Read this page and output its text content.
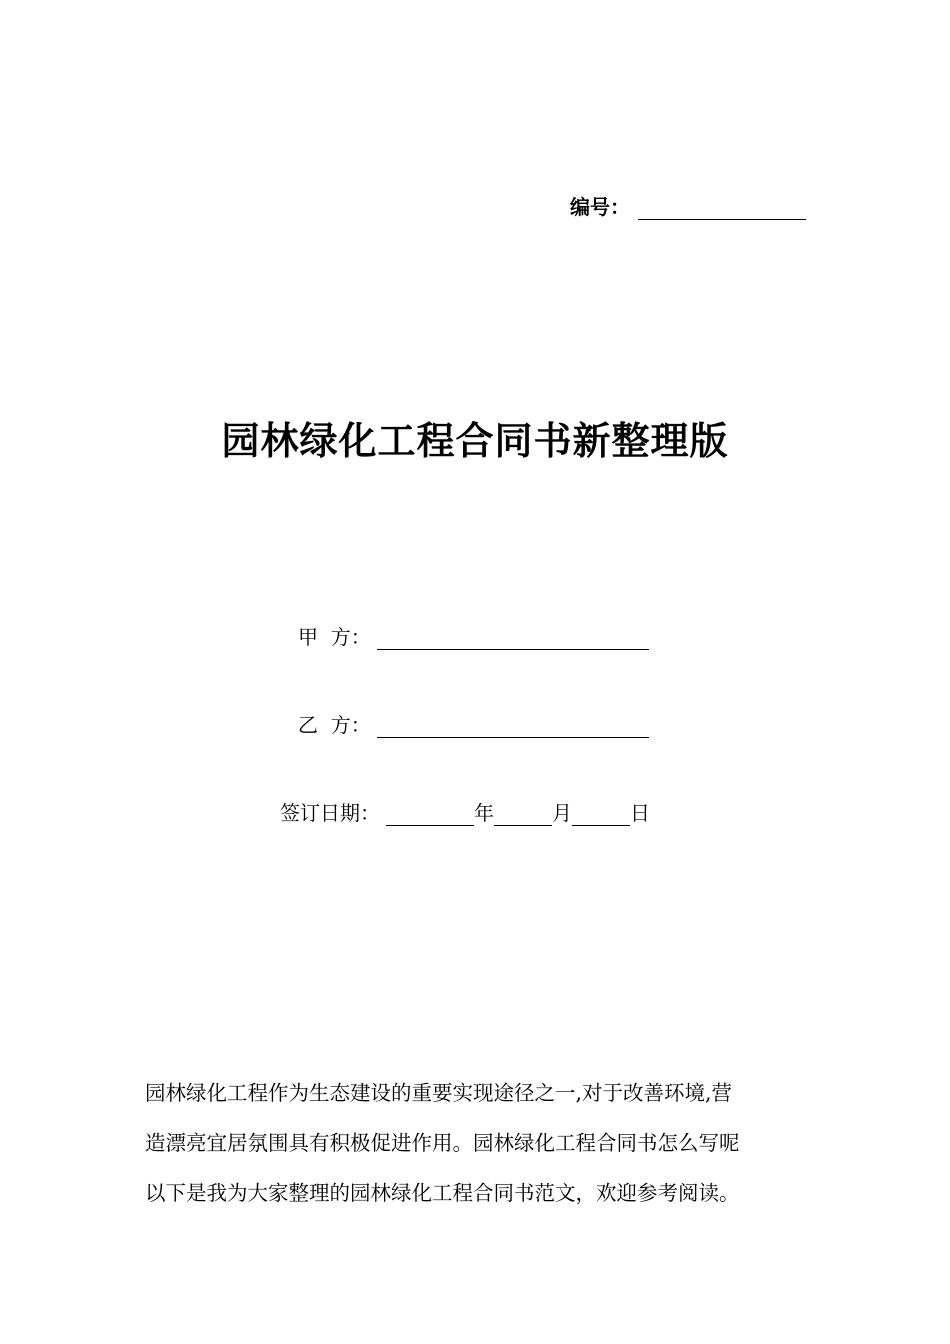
编号：
园林绿化工程合同书新整理版
甲  方：
乙  方：
签订日期：	年	月	日
园林绿化工程作为生态建设的重要实现途径之一,对于改善环境,营
造漂亮宜居氛围具有积极促进作用。园林绿化工程合同书怎么写呢
以下是我为大家整理的园林绿化工程合同书范文，欢迎参考阅读。
